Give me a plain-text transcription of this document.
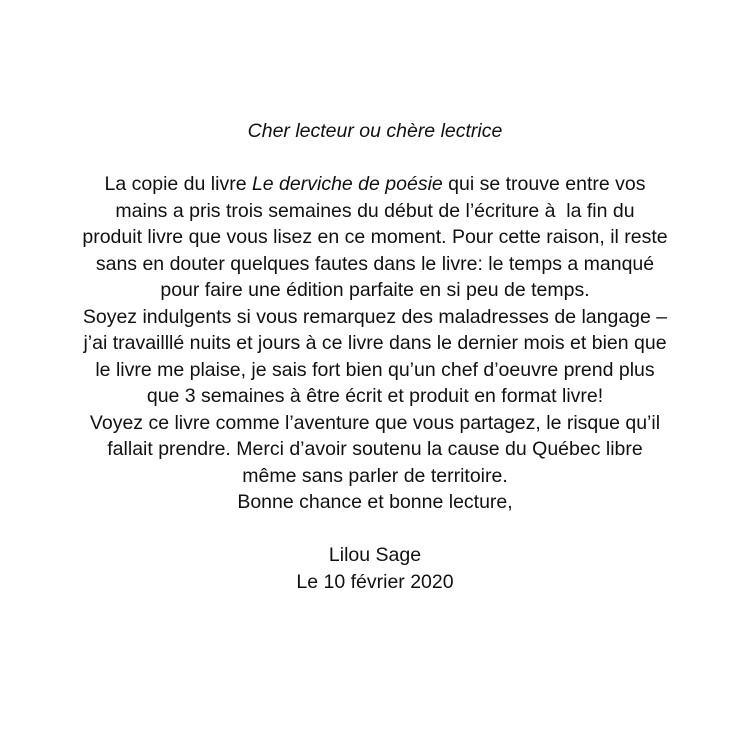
Cher lecteur ou chère lectrice
La copie du livre Le derviche de poésie qui se trouve entre vos
mains a pris trois semaines du début de l’écriture à  la fin du
produit livre que vous lisez en ce moment. Pour cette raison, il reste
sans en douter quelques fautes dans le livre: le temps a manqué
pour faire une édition parfaite en si peu de temps.
Soyez indulgents si vous remarquez des maladresses de langage –
j’ai travailllé nuits et jours à ce livre dans le dernier mois et bien que
le livre me plaise, je sais fort bien qu’un chef d’oeuvre prend plus
que 3 semaines à être écrit et produit en format livre!
Voyez ce livre comme l’aventure que vous partagez, le risque qu’il
fallait prendre. Merci d’avoir soutenu la cause du Québec libre
même sans parler de territoire.
Bonne chance et bonne lecture,
Lilou Sage
Le 10 février 2020
